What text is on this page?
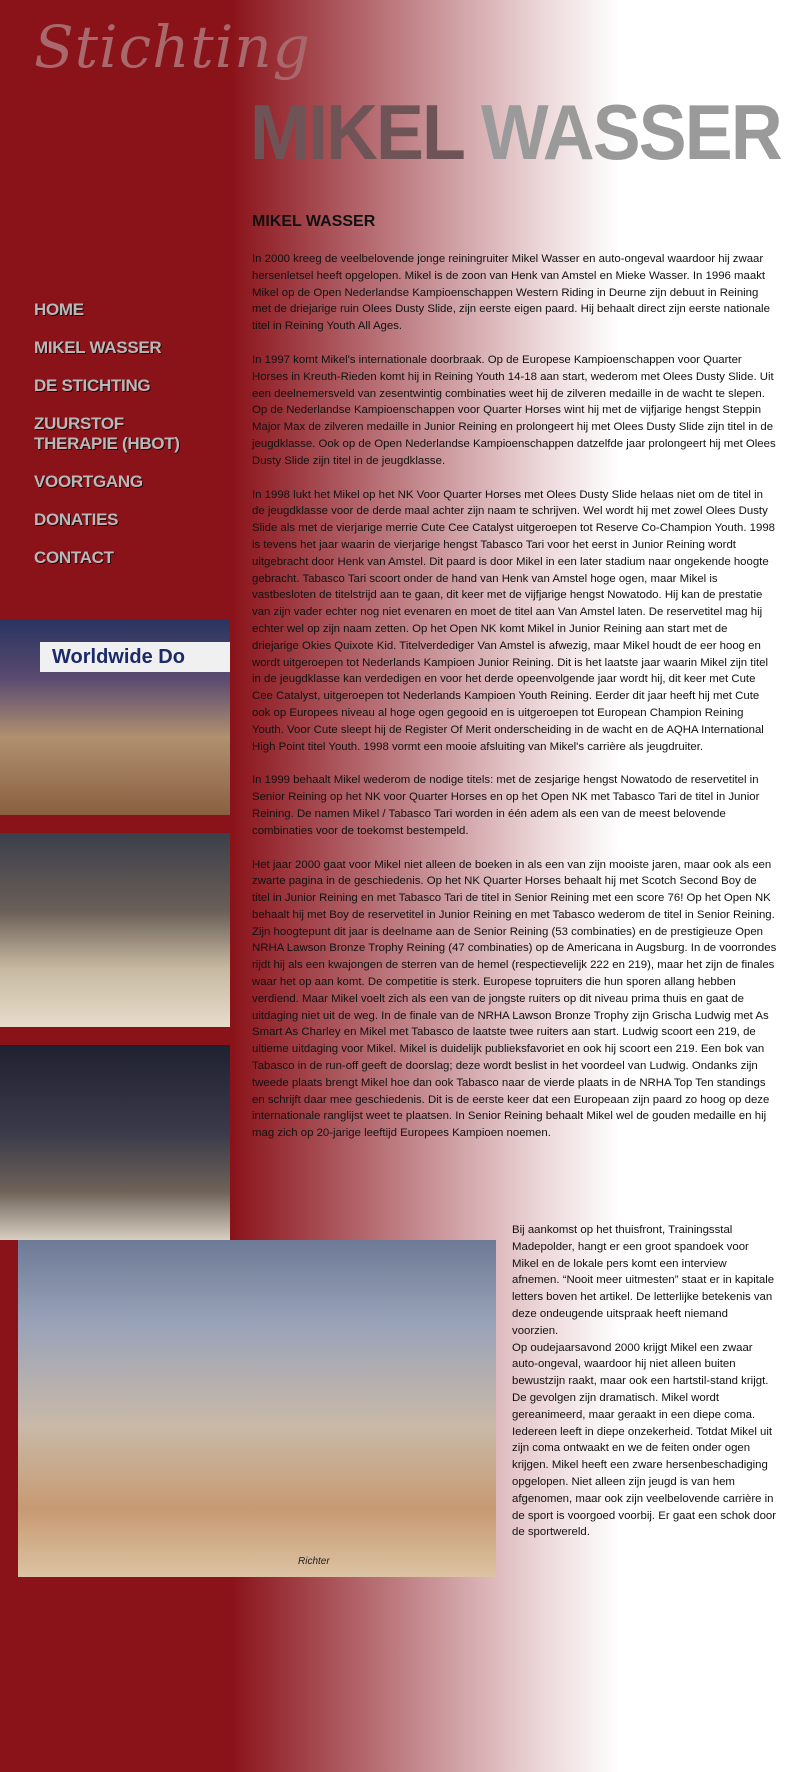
Stichting
MIKEL WASSER
HOME
MIKEL WASSER
DE STICHTING
ZUURSTOF THERAPIE (HBOT)
VOORTGANG
DONATIES
CONTACT
Worldwide Do
Richter
MIKEL WASSER

In 2000 kreeg de veelbelovende jonge reiningruiter Mikel Wasser en auto-ongeval waardoor hij zwaar hersenletsel heeft opgelopen. Mikel is de zoon van Henk van Amstel en Mieke Wasser. In 1996 maakt Mikel op de Open Nederlandse Kampioenschappen Western Riding in Deurne zijn debuut in Reining met de driejarige ruin Olees Dusty Slide, zijn eerste eigen paard. Hij behaalt direct zijn eerste nationale titel in Reining Youth All Ages.

In 1997 komt Mikel's internationale doorbraak. Op de Europese Kampioenschappen voor Quarter Horses in Kreuth-Rieden komt hij in Reining Youth 14-18 aan start, wederom met Olees Dusty Slide. Uit een deelnemersveld van zesentwintig combinaties weet hij de zilveren medaille in de wacht te slepen. Op de Nederlandse Kampioenschappen voor Quarter Horses wint hij met de vijfjarige hengst Steppin Major Max de zilveren medaille in Junior Reining en prolongeert hij met Olees Dusty Slide zijn titel in de jeugdklasse. Ook op de Open Nederlandse Kampioenschappen datzelfde jaar prolongeert hij met Olees Dusty Slide zijn titel in de jeugdklasse.

In 1998 lukt het Mikel op het NK Voor Quarter Horses met Olees Dusty Slide helaas niet om de titel in de jeugdklasse voor de derde maal achter zijn naam te schrijven. Wel wordt hij met zowel Olees Dusty Slide als met de vierjarige merrie Cute Cee Catalyst uitgeroepen tot Reserve Co-Champion Youth. 1998 is tevens het jaar waarin de vierjarige hengst Tabasco Tari voor het eerst in Junior Reining wordt uitgebracht door Henk van Amstel. Dit paard is door Mikel in een later stadium naar ongekende hoogte gebracht. Tabasco Tari scoort onder de hand van Henk van Amstel hoge ogen, maar Mikel is vastbesloten de titelstrijd aan te gaan, dit keer met de vijfjarige hengst Nowatodo. Hij kan de prestatie van zijn vader echter nog niet evenaren en moet de titel aan Van Amstel laten. De reservetitel mag hij echter wel op zijn naam zetten. Op het Open NK komt Mikel in Junior Reining aan start met de driejarige Okies Quixote Kid. Titelverdediger Van Amstel is afwezig, maar Mikel houdt de eer hoog en wordt uitgeroepen tot Nederlands Kampioen Junior Reining. Dit is het laatste jaar waarin Mikel zijn titel in de jeugdklasse kan verdedigen en voor het derde opeenvolgende jaar wordt hij, dit keer met Cute Cee Catalyst, uitgeroepen tot Nederlands Kampioen Youth Reining. Eerder dit jaar heeft hij met Cute ook op Europees niveau al hoge ogen gegooid en is uitgeroepen tot European Champion Reining Youth. Voor Cute sleept hij de Register Of Merit onderscheiding in de wacht en de AQHA International High Point titel Youth. 1998 vormt een mooie afsluiting van Mikel's carrière als jeugdruiter.

In 1999 behaalt Mikel wederom de nodige titels: met de zesjarige hengst Nowatodo de reservetitel in Senior Reining op het NK voor Quarter Horses en op het Open NK met Tabasco Tari de titel in Junior Reining. De namen Mikel / Tabasco Tari worden in één adem als een van de meest belovende combinaties voor de toekomst bestempeld.

Het jaar 2000 gaat voor Mikel niet alleen de boeken in als een van zijn mooiste jaren, maar ook als een zwarte pagina in de geschiedenis. Op het NK Quarter Horses behaalt hij met Scotch Second Boy de titel in Junior Reining en met Tabasco Tari de titel in Senior Reining met een score 76! Op het Open NK behaalt hij met Boy de reservetitel in Junior Reining en met Tabasco wederom de titel in Senior Reining. Zijn hoogtepunt dit jaar is deelname aan de Senior Reining (53 combinaties) en de prestigieuze Open NRHA Lawson Bronze Trophy Reining (47 combinaties) op de Americana in Augsburg. In de voorrondes rijdt hij als een kwajongen de sterren van de hemel (respectievelijk 222 en 219), maar het zijn de finales waar het op aan komt. De competitie is sterk. Europese topruiters die hun sporen allang hebben verdiend. Maar Mikel voelt zich als een van de jongste ruiters op dit niveau prima thuis en gaat de uitdaging niet uit de weg. In de finale van de NRHA Lawson Bronze Trophy zijn Grischa Ludwig met As Smart As Charley en Mikel met Tabasco de laatste twee ruiters aan start. Ludwig scoort een 219, de ultieme uitdaging voor Mikel. Mikel is duidelijk publieksfavoriet en ook hij scoort een 219. Een bok van Tabasco in de run-off geeft de doorslag; deze wordt beslist in het voordeel van Ludwig. Ondanks zijn tweede plaats brengt Mikel hoe dan ook Tabasco naar de vierde plaats in de NRHA Top Ten standings en schrijft daar mee geschiedenis. Dit is de eerste keer dat een Europeaan zijn paard zo hoog op deze internationale ranglijst weet te plaatsen. In Senior Reining behaalt Mikel wel de gouden medaille en hij mag zich op 20-jarige leeftijd Europees Kampioen noemen.

Bij aankomst op het thuisfront, Trainingsstal Madepolder, hangt er een groot spandoek voor Mikel en de lokale pers komt een interview afnemen. “Nooit meer uitmesten” staat er in kapitale letters boven het artikel. De letterlijke betekenis van deze ondeugende uitspraak heeft niemand voorzien.

Op oudejaarsavond 2000 krijgt Mikel een zwaar auto-ongeval, waardoor hij niet alleen buiten bewustzijn raakt, maar ook een hartstil-stand krijgt. De gevolgen zijn dramatisch. Mikel wordt gereanimeerd, maar geraakt in een diepe coma. Iedereen leeft in diepe onzekerheid. Totdat Mikel uit zijn coma ontwaakt en we de feiten onder ogen krijgen. Mikel heeft een zware hersenbeschadiging opgelopen. Niet alleen zijn jeugd is van hem afgenomen, maar ook zijn veelbelovende carrière in de sport is voorgoed voorbij. Er gaat een schok door de sportwereld.
